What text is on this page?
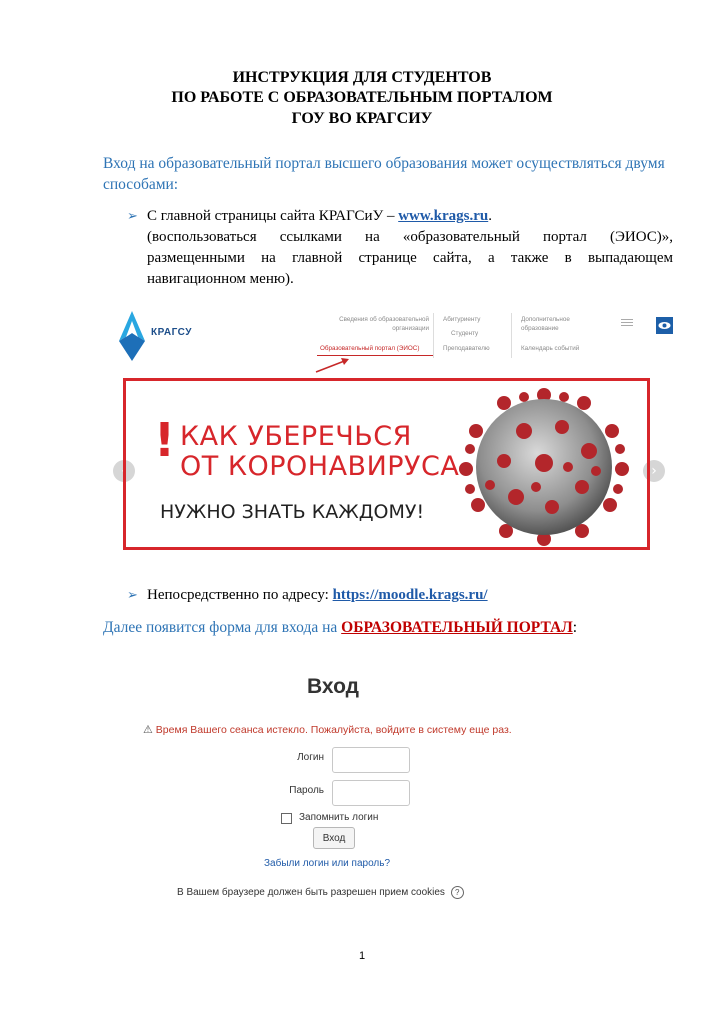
ИНСТРУКЦИЯ ДЛЯ СТУДЕНТОВ
ПО РАБОТЕ С ОБРАЗОВАТЕЛЬНЫМ ПОРТАЛОМ
ГОУ ВО КРАГСИУ
Вход на образовательный портал высшего образования может осуществляться двумя способами:
➢ С главной страницы сайта КРАГСиУ – www.krags.ru.
(воспользоваться ссылками на «образовательный портал (ЭИОС)», размещенными на главной странице сайта, а также в выпадающем навигационном меню).
КРАГСУ
Сведения об образовательной
организации
Абитуриенту
Студенту
Дополнительное
образование
Образовательный портал (ЭИОС)	Преподавателю	Календарь событий
‹	›
! КАК УБЕРЕЧЬСЯ
ОТ КОРОНАВИРУСА
НУЖНО ЗНАТЬ КАЖДОМУ!
➢ Непосредственно по адресу: https://moodle.krags.ru/
Далее появится форма для входа на ОБРАЗОВАТЕЛЬНЫЙ ПОРТАЛ:
Вход
⚠ Время Вашего сеанса истекло. Пожалуйста, войдите в систему еще раз.
Логин
Пароль
Запомнить логин
Вход
Забыли логин или пароль?
В Вашем браузере должен быть разрешен прием cookies ?
1
